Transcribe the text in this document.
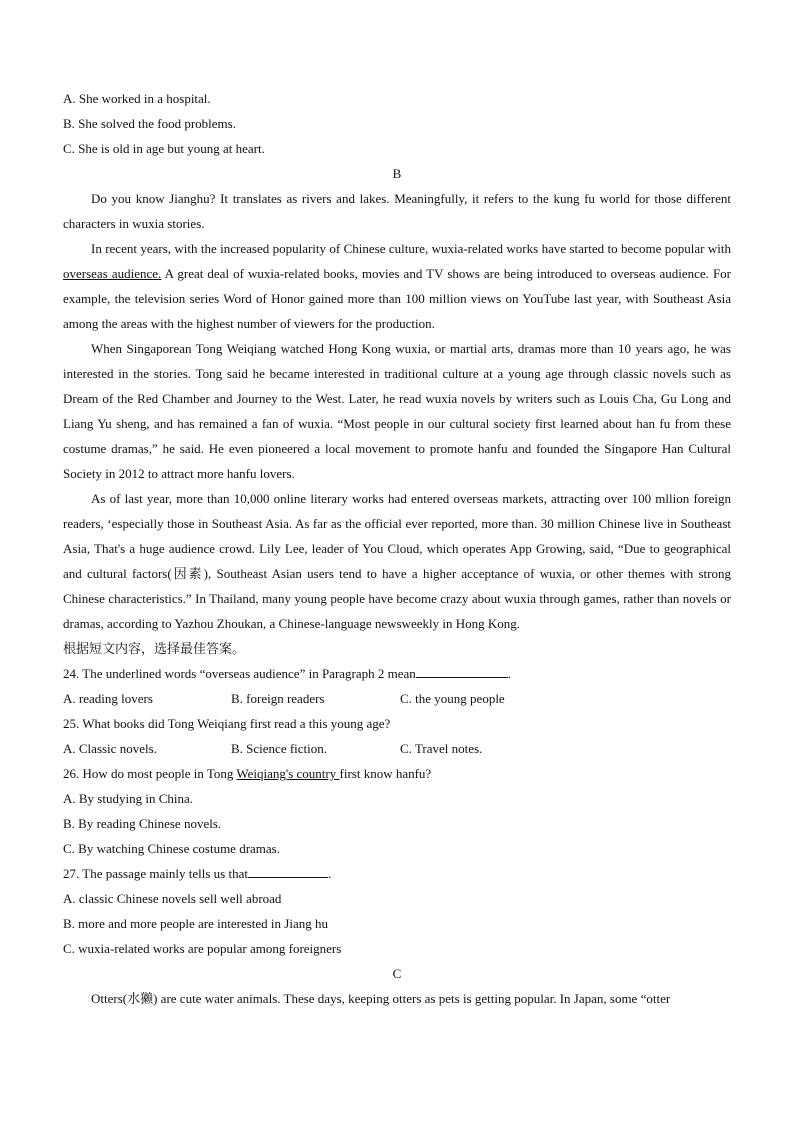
A. She worked in a hospital.
B. She solved the food problems.
C. She is old in age but young at heart.
B

Do you know Jianghu? It translates as rivers and lakes. Meaningfully, it refers to the kung fu world for those different characters in wuxia stories.

In recent years, with the increased popularity of Chinese culture, wuxia-related works have started to become popular with overseas audience. A great deal of wuxia-related books, movies and TV shows are being introduced to overseas audience. For example, the television series Word of Honor gained more than 100 million views on YouTube last year, with Southeast Asia among the areas with the highest number of viewers for the production.

When Singaporean Tong Weiqiang watched Hong Kong wuxia, or martial arts, dramas more than 10 years ago, he was interested in the stories. Tong said he became interested in traditional culture at a young age through classic novels such as Dream of the Red Chamber and Journey to the West. Later, he read wuxia novels by writers such as Louis Cha, Gu Long and Liang Yu sheng, and has remained a fan of wuxia. “Most people in our cultural society first learned about han fu from these costume dramas,” he said. He even pioneered a local movement to promote hanfu and founded the Singapore Han Cultural Society in 2012 to attract more hanfu lovers.

As of last year, more than 10,000 online literary works had entered overseas markets, attracting over 100 mllion foreign readers, ‘especially those in Southeast Asia. As far as the official ever reported, more than. 30 million Chinese live in Southeast Asia, That's a huge audience crowd. Lily Lee, leader of You Cloud, which operates App Growing, said, “Due to geographical and cultural factors(因素), Southeast Asian users tend to have a higher acceptance of wuxia, or other themes with strong Chinese characteristics.” In Thailand, many young people have become crazy about wuxia through games, rather than novels or dramas, according to Yazhou Zhoukan, a Chinese-language newsweekly in Hong Kong.

根据短文内容，选择最佳答案。
24. The underlined words “overseas audience” in Paragraph 2 mean	.
A. reading lovers	B. foreign readers	C. the young people
25. What books did Tong Weiqiang first read a this young age?
A. Classic novels.	B. Science fiction.	C. Travel notes.
26. How do most people in Tong Weiqiang's country first know hanfu?
A. By studying in China.
B. By reading Chinese novels.
C. By watching Chinese costume dramas.
27. The passage mainly tells us that	.
A. classic Chinese novels sell well abroad
B. more and more people are interested in Jiang hu
C. wuxia-related works are popular among foreigners
C
Otters(水獭) are cute water animals. These days, keeping otters as pets is getting popular. In Japan, some “otter
